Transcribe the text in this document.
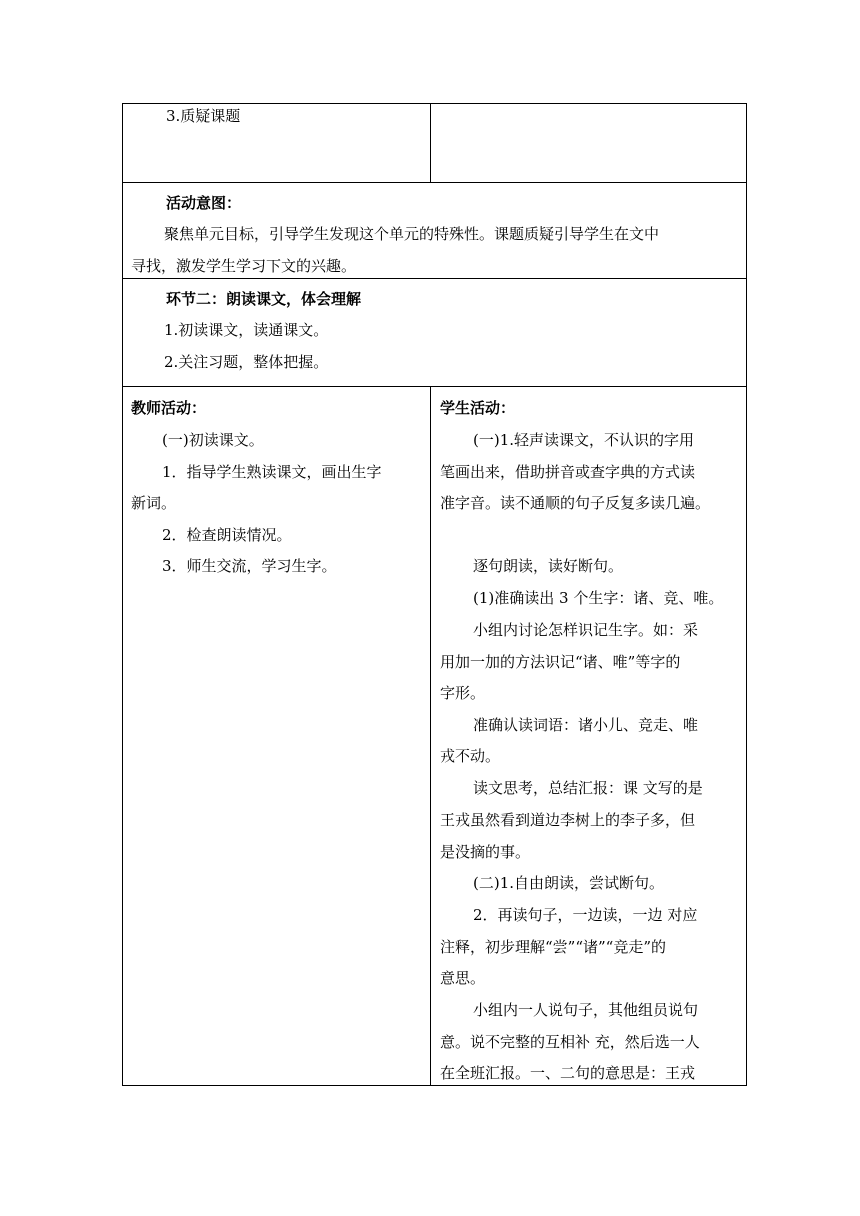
3.质疑课题

活动意图：

聚焦单元目标，引导学生发现这个单元的特殊性。课题质疑引导学生在文中

寻找，激发学生学习下文的兴趣。

环节二：朗读课文，体会理解

1.初读课文，读通课文。

2.关注习题，整体把握。

教师活动：

(一)初读课文。

1．指导学生熟读课文，画出生字

新词。

2．检查朗读情况。

3．师生交流，学习生字。

学生活动：

(一)1.轻声读课文，不认识的字用

笔画出来，借助拼音或查字典的方式读

准字音。读不通顺的句子反复多读几遍。

逐句朗读，读好断句。

(1)准确读出 3 个生字：诸、竞、唯。

小组内讨论怎样识记生字。如：采

用加一加的方法识记“诸、唯”等字的

字形。

准确认读词语：诸小儿、竞走、唯

戎不动。

读文思考，总结汇报：课 文写的是

王戎虽然看到道边李树上的李子多，但

是没摘的事。

(二)1.自由朗读，尝试断句。

2．再读句子，一边读，一边 对应

注释，初步理解“尝”“诸”“竞走”的

意思。

小组内一人说句子，其他组员说句

意。说不完整的互相补 充，然后选一人

在全班汇报。一、二句的意思是：王戎
